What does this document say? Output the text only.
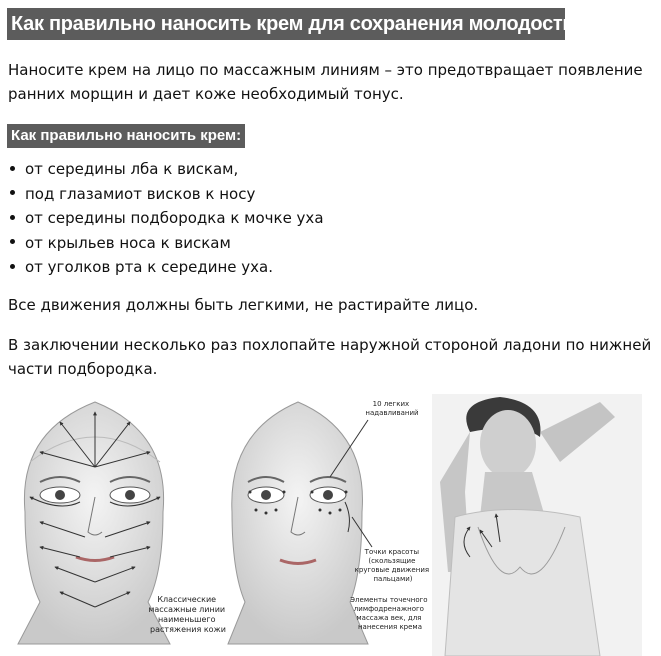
Как правильно наносить крем для сохранения молодости кожи

Наносите крем на лицо по массажным линиям – это предотвращает появление ранних морщин и дает коже необходимый тонус.

Как правильно наносить крем:
от середины лба к вискам,
под глазамиот висков к носу
от середины подбородка к мочке уха
от крыльев носа к вискам
от уголков рта к середине уха.

Все движения должны быть легкими, не растирайте лицо.

В заключении несколько раз похлопайте наружной стороной ладони по нижней части подбородка.

Классические массажные линии наименьшего растяжения кожи
10 легких надавливаний
Точки красоты (скользящие круговые движения пальцами)
Элементы точечного лимфодренажного массажа век, для нанесения крема
